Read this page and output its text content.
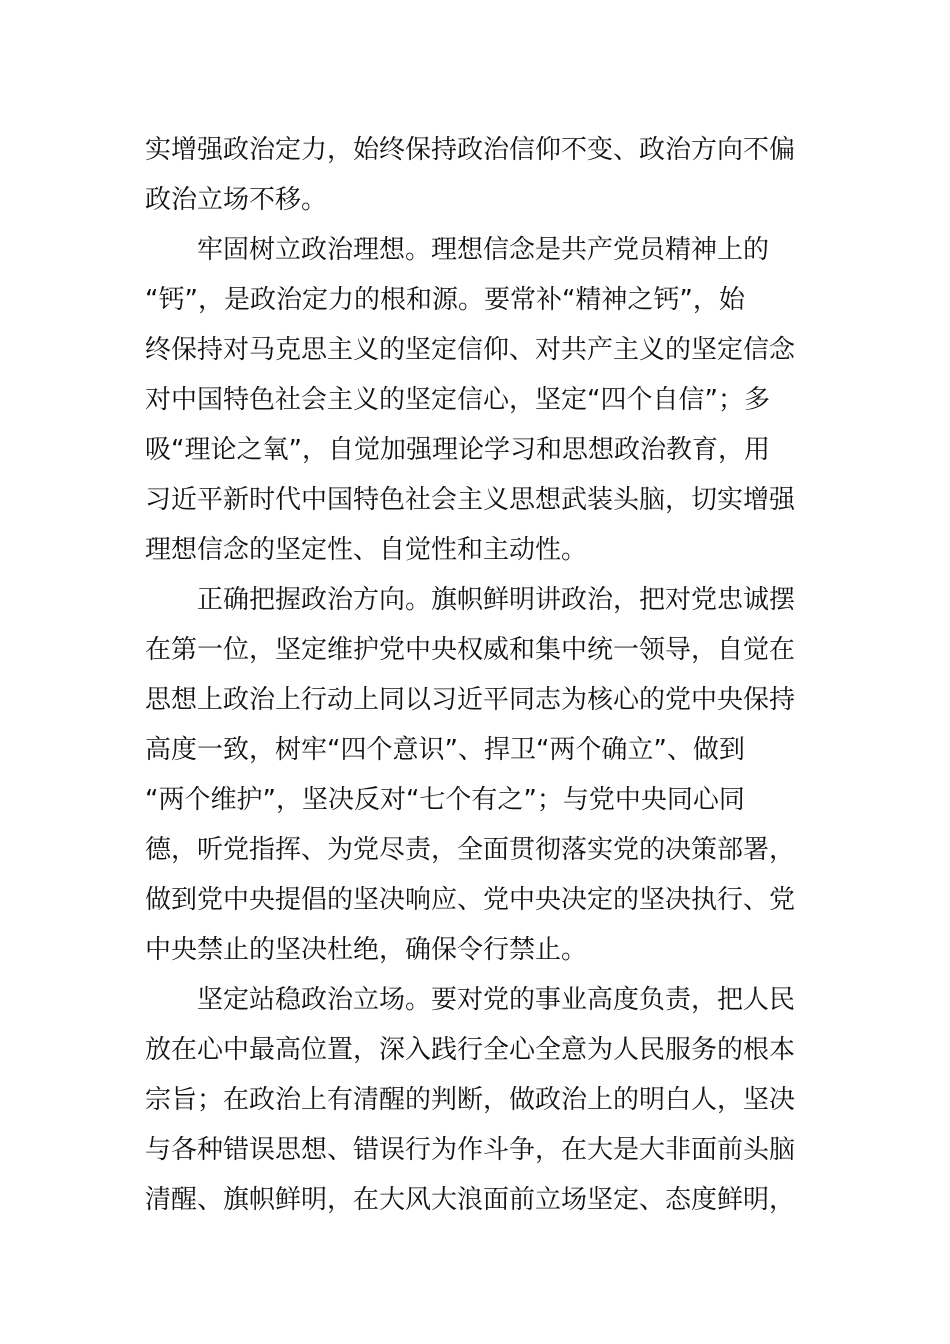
实增强政治定力，始终保持政治信仰不变、政治方向不偏
政治立场不移。
牢固树立政治理想。理想信念是共产党员精神上的
“钙”，是政治定力的根和源。要常补“精神之钙”，始
终保持对马克思主义的坚定信仰、对共产主义的坚定信念
对中国特色社会主义的坚定信心，坚定“四个自信”；多
吸“理论之氧”，自觉加强理论学习和思想政治教育，用
习近平新时代中国特色社会主义思想武装头脑，切实增强
理想信念的坚定性、自觉性和主动性。
正确把握政治方向。旗帜鲜明讲政治，把对党忠诚摆
在第一位，坚定维护党中央权威和集中统一领导，自觉在
思想上政治上行动上同以习近平同志为核心的党中央保持
高度一致，树牢“四个意识”、捍卫“两个确立”、做到
“两个维护”，坚决反对“七个有之”；与党中央同心同
德，听党指挥、为党尽责，全面贯彻落实党的决策部署，
做到党中央提倡的坚决响应、党中央决定的坚决执行、党
中央禁止的坚决杜绝，确保令行禁止。
坚定站稳政治立场。要对党的事业高度负责，把人民
放在心中最高位置，深入践行全心全意为人民服务的根本
宗旨；在政治上有清醒的判断，做政治上的明白人，坚决
与各种错误思想、错误行为作斗争，在大是大非面前头脑
清醒、旗帜鲜明，在大风大浪面前立场坚定、态度鲜明，
